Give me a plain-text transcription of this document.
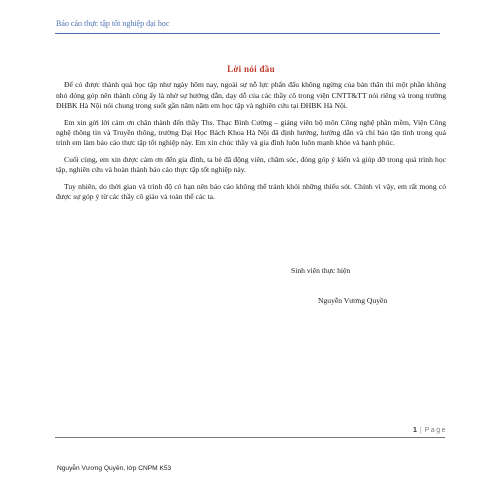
Báo cáo thực tập tốt nghiệp đại học
Lời nói đầu

Để có được thành quả học tập như ngày hôm nay, ngoài sự nỗ lực phấn đấu không ngừng của bản thân thì một phần không nhỏ đóng góp nên thành công ấy là nhờ sự hướng dẫn, dạy dỗ của các thầy cô trong viện CNTT&TT nói riêng và trong trường ĐHBK Hà Nội nói chung trong suốt gần năm năm em học tập và nghiên cứu tại ĐHBK Hà Nội.

Em xin gửi lời cảm ơn chân thành đến thầy Ths. Thạc Bình Cường – giảng viên bộ môn Công nghệ phần mềm, Viện Công nghệ thông tin và Truyền thông, trường Đại Học Bách Khoa Hà Nội đã định hướng, hướng dẫn và chỉ bảo tận tình trong quá trình em làm báo cáo thực tập tốt nghiệp này. Em xin chúc thầy và gia đình luôn luôn mạnh khỏe và hạnh phúc.

Cuối cùng, em xin được cảm ơn đến gia đình, ta bè đã động viên, chăm sóc, đóng góp ý kiến và giúp đỡ trong quá trình học tập, nghiên cứu và hoàn thành báo cáo thực tập tốt nghiệp này.

Tuy nhiên, do thời gian và trình độ có hạn nên báo cáo không thể tránh khỏi những thiếu sót. Chính vì vậy, em rất mong có được sự góp ý từ các thầy cô giáo và toàn thể các ta.

Sinh viên thực hiện
Nguyễn Vương Quyền
1 | Page
Nguyễn Vương Quyền, lớp CNPM K53
